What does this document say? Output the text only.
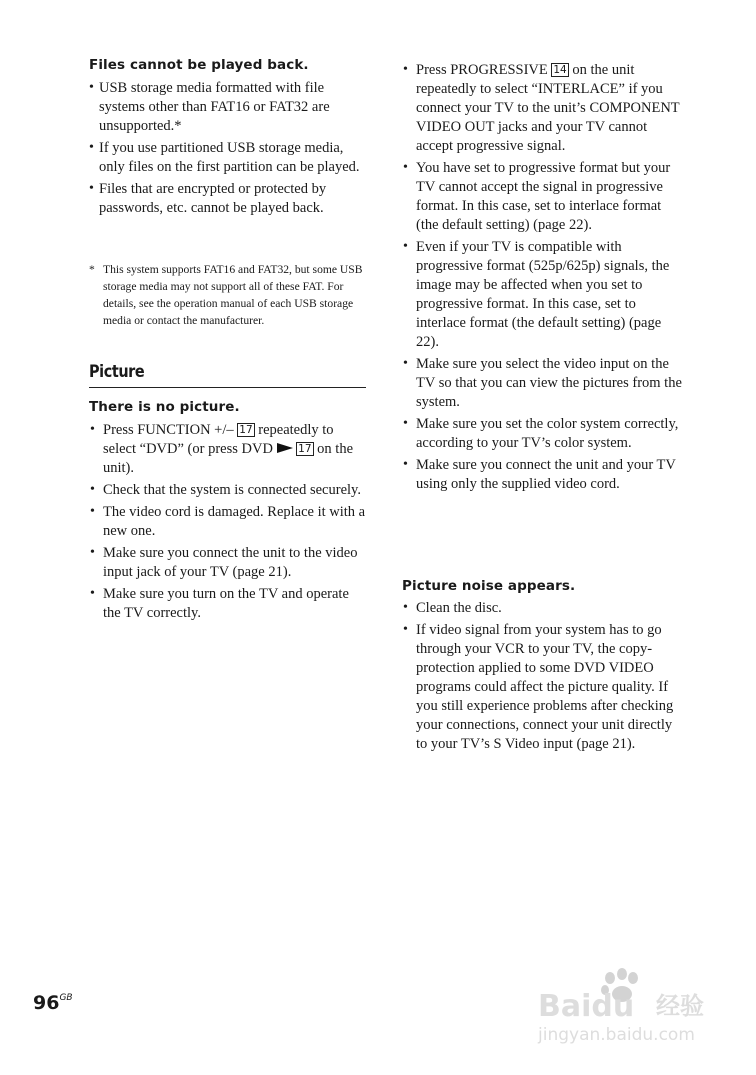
Files cannot be played back.
• USB storage media formatted with file systems other than FAT16 or FAT32 are unsupported.*
• If you use partitioned USB storage media, only files on the first partition can be played.
• Files that are encrypted or protected by passwords, etc. cannot be played back.
* This system supports FAT16 and FAT32, but some USB storage media may not support all of these FAT. For details, see the operation manual of each USB storage media or contact the manufacturer.
Picture
There is no picture.
• Press FUNCTION +/– 17 repeatedly to select “DVD” (or press DVD 17 on the unit).
• Check that the system is connected securely.
• The video cord is damaged. Replace it with a new one.
• Make sure you connect the unit to the video input jack of your TV (page 21).
• Make sure you turn on the TV and operate the TV correctly.
• Press PROGRESSIVE 14 on the unit repeatedly to select “INTERLACE” if you connect your TV to the unit’s COMPONENT VIDEO OUT jacks and your TV cannot accept progressive signal.
• You have set to progressive format but your TV cannot accept the signal in progressive format. In this case, set to interlace format (the default setting) (page 22).
• Even if your TV is compatible with progressive format (525p/625p) signals, the image may be affected when you set to progressive format. In this case, set to interlace format (the default setting) (page 22).
• Make sure you select the video input on the TV so that you can view the pictures from the system.
• Make sure you set the color system correctly, according to your TV’s color system.
• Make sure you connect the unit and your TV using only the supplied video cord.
Picture noise appears.
• Clean the disc.
• If video signal from your system has to go through your VCR to your TV, the copy-protection applied to some DVD VIDEO programs could affect the picture quality. If you still experience problems after checking your connections, connect your unit directly to your TV’s S Video input (page 21).
$96^{GB}$	Baidu 经验
jingyan.baidu.com
